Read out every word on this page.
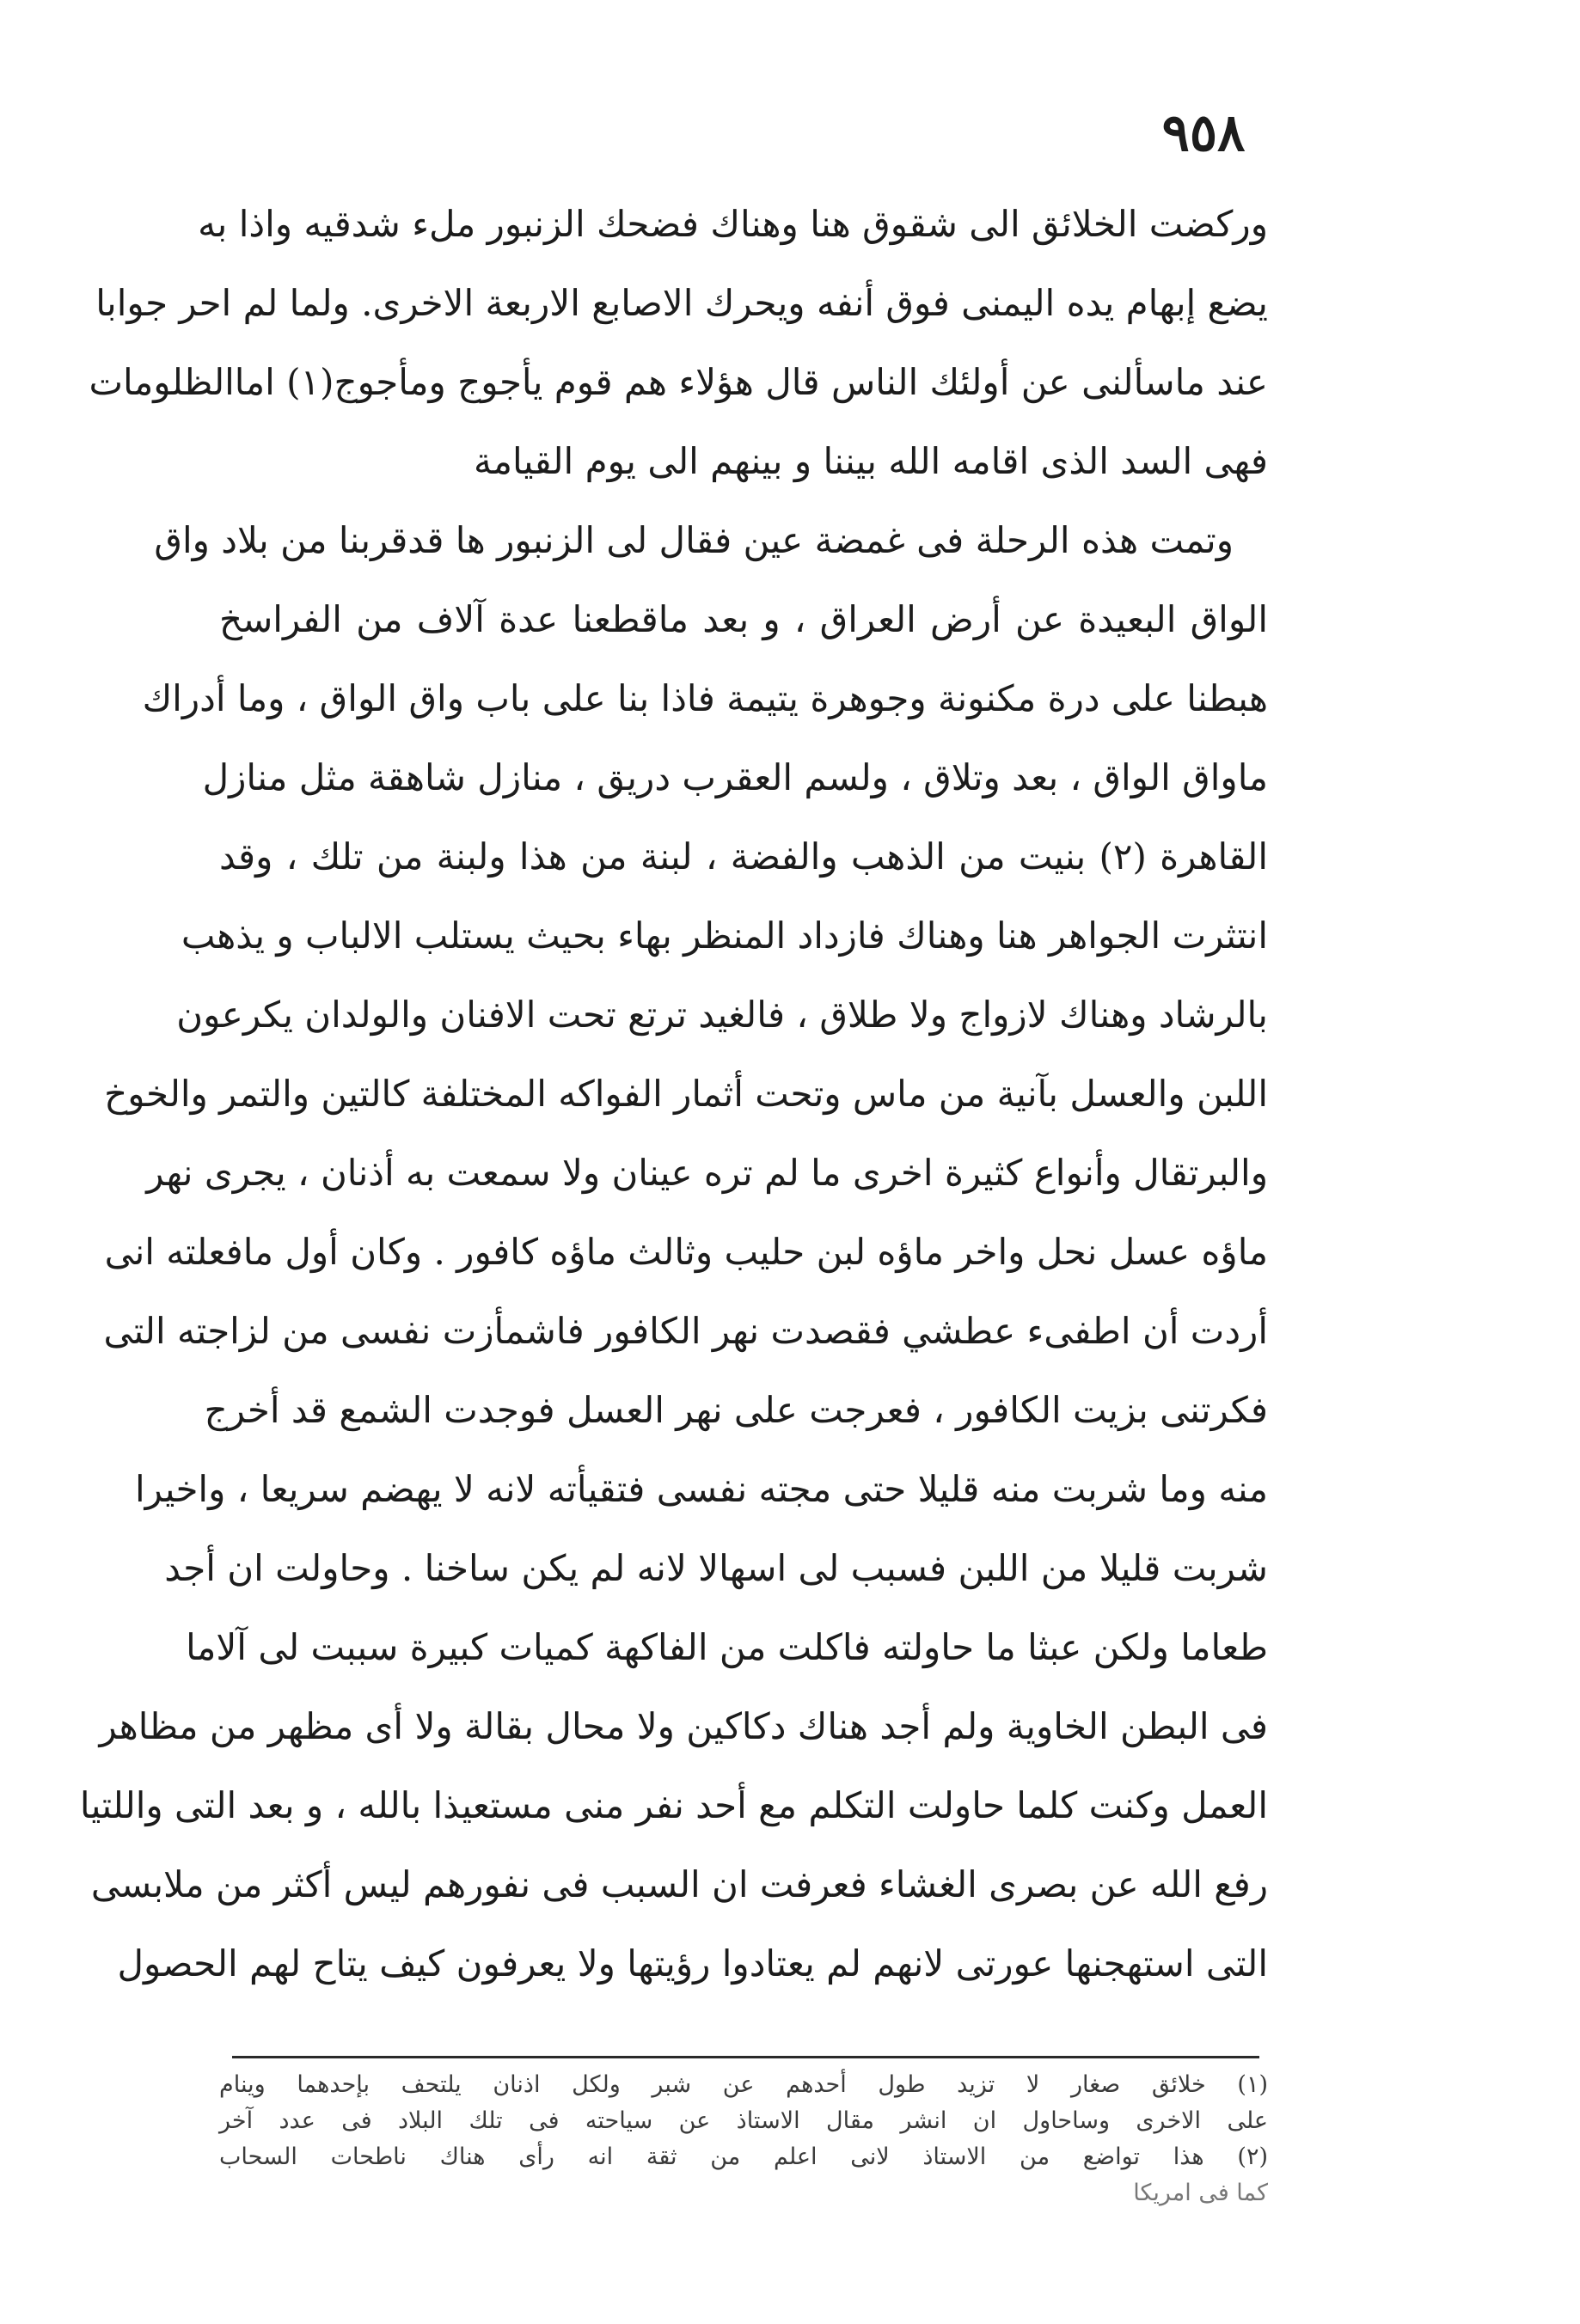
٩٥٨
وركضت الخلائق الى شقوق هنا وهناك فضحك الزنبور ملء شدقيه واذا به
يضع إبهام يده اليمنى فوق أنفه ويحرك الاصابع الاربعة الاخرى. ولما لم احر جوابا
عند ماسألنى عن أولئك الناس قال هؤلاء هم قوم يأجوج ومأجوج(١) اماالظلومات
فهى السد الذى اقامه الله بيننا و بينهم الى يوم القيامة
وتمت هذه الرحلة فى غمضة عين فقال لى الزنبور ها قدقربنا من بلاد واق
الواق البعيدة عن أرض العراق ، و بعد ماقطعنا عدة آلاف من الفراسخ
هبطنا على درة مكنونة وجوهرة يتيمة فاذا بنا على باب واق الواق ، وما أدراك
ماواق الواق ، بعد وتلاق ، ولسم العقرب دريق ، منازل شاهقة مثل منازل
القاهرة (٢) بنيت من الذهب والفضة ، لبنة من هذا ولبنة من تلك ، وقد
انتثرت الجواهر هنا وهناك فازداد المنظر بهاء بحيث يستلب الالباب و يذهب
بالرشاد وهناك لازواج ولا طلاق ، فالغيد ترتع تحت الافنان والولدان يكرعون
اللبن والعسل بآنية من ماس وتحت أثمار الفواكه المختلفة كالتين والتمر والخوخ
والبرتقال وأنواع كثيرة اخرى ما لم تره عينان ولا سمعت به أذنان ، يجرى نهر
ماؤه عسل نحل واخر ماؤه لبن حليب وثالث ماؤه كافور . وكان أول مافعلته انى
أردت أن اطفىء عطشي فقصدت نهر الكافور فاشمأزت نفسى من لزاجته التى
فكرتنى بزيت الكافور ، فعرجت على نهر العسل فوجدت الشمع قد أخرج
منه وما شربت منه قليلا حتى مجته نفسى فتقيأته لانه لا يهضم سريعا ، واخيرا
شربت قليلا من اللبن فسبب لى اسهالا لانه لم يكن ساخنا . وحاولت ان أجد
طعاما ولكن عبثا ما حاولته فاكلت من الفاكهة كميات كبيرة سببت لى آلاما
فى البطن الخاوية ولم أجد هناك دكاكين ولا محال بقالة ولا أى مظهر من مظاهر
العمل وكنت كلما حاولت التكلم مع أحد نفر منى مستعيذا بالله ، و بعد التى واللتيا
رفع الله عن بصرى الغشاء فعرفت ان السبب فى نفورهم ليس أكثر من ملابسى
التى استهجنها عورتى لانهم لم يعتادوا رؤيتها ولا يعرفون كيف يتاح لهم الحصول
(١) خلائق صغار لا تزيد طول أحدهم عن شبر ولكل اذنان يلتحف بإحدهما وينام
على الاخرى وساحاول ان انشر مقال الاستاذ عن سياحته فى تلك البلاد فى عدد آخر
(٢) هذا تواضع من الاستاذ لانى اعلم من ثقة انه رأى هناك ناطحات السحاب
كما فى امريكا
